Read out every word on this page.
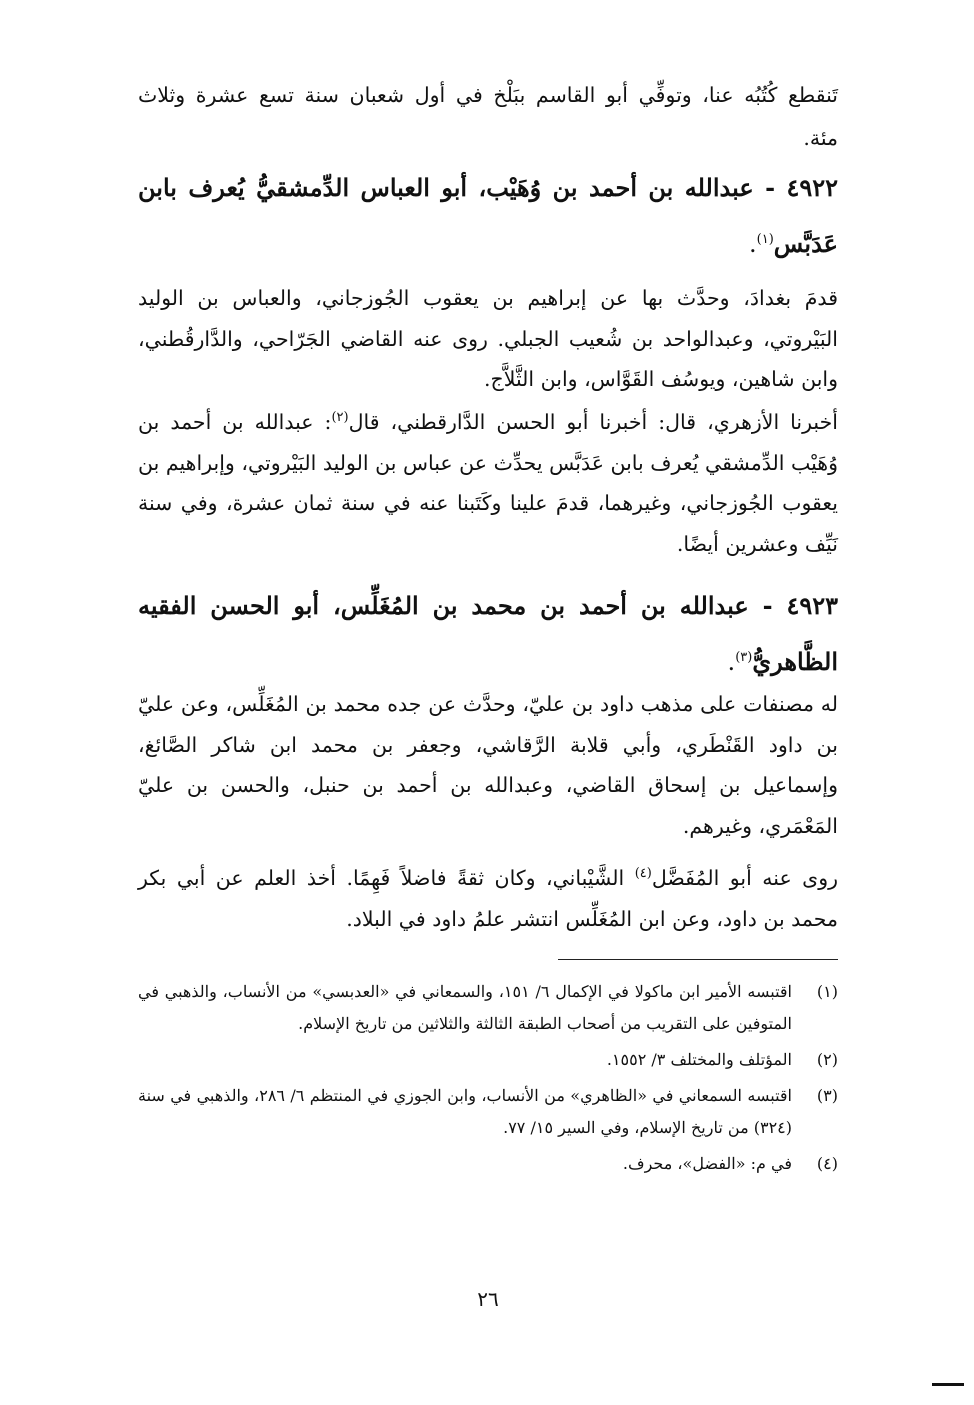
تَنقطع كُتُبُه عنا، وتوفِّي أبو القاسم ببَلْخ في أول شعبان سنة تسع عشرة وثلاث
مئة.

٤٩٢٢ - عبدالله بن أحمد بن وُهَيْب، أبو العباس الدِّمشقيُّ يُعرف بابن عَدَبَّس$^{(١)}$.

قدمَ بغدادَ، وحدَّث بها عن إبراهيم بن يعقوب الجُوزجاني، والعباس بن الوليد البَيْروتي، وعبدالواحد بن شُعيب الجبلي. روى عنه القاضي الجَرّاحي، والدَّارقُطني، وابن شاهين، ويوسُف القَوَّاس، وابن الثَّلاَّج.

أخبرنا الأزهري، قال: أخبرنا أبو الحسن الدَّارقطني، قال$^{(٢)}$: عبدالله بن أحمد بن وُهَيْب الدِّمشقي يُعرف بابن عَدَبَّس يحدِّث عن عباس بن الوليد البَيْروتي، وإبراهيم بن يعقوب الجُوزجاني، وغيرهما، قدمَ علينا وكَتَبنا عنه في سنة ثمان عشرة، وفي سنة نَيِّف وعشرين أيضًا.

٤٩٢٣ - عبدالله بن أحمد بن محمد بن المُغَلِّس، أبو الحسن الفقيه الظَّاهريُّ$^{(٣)}$.

له مصنفات على مذهب داود بن عليّ، وحدَّث عن جده محمد بن المُغَلِّس، وعن عليّ بن داود القَنْطَري، وأبي قلابة الرَّقاشي، وجعفر بن محمد ابن شاكر الصَّائغ، وإسماعيل بن إسحاق القاضي، وعبدالله بن أحمد بن حنبل، والحسن بن عليّ المَعْمَري، وغيرهم.

روى عنه أبو المُفَضَّل$^{(٤)}$ الشَّيْباني، وكان ثقةً فاضلاً فَهِمًا. أخذ العلم عن أبي بكر محمد بن داود، وعن ابن المُغَلِّس انتشر علمُ داود في البلاد.

(١)
اقتبسه الأمير ابن ماكولا في الإكمال ٦/ ١٥١، والسمعاني في «العدبسي» من الأنساب، والذهبي في المتوفين على التقريب من أصحاب الطبقة الثالثة والثلاثين من تاريخ الإسلام.
(٢)
المؤتلف والمختلف ٣/ ١٥٥٢.
(٣)
اقتبسه السمعاني في «الظاهري» من الأنساب، وابن الجوزي في المنتظم ٦/ ٢٨٦، والذهبي في سنة (٣٢٤) من تاريخ الإسلام، وفي السير ١٥/ ٧٧.
(٤)
في م: «الفضل»، محرف.
٢٦
